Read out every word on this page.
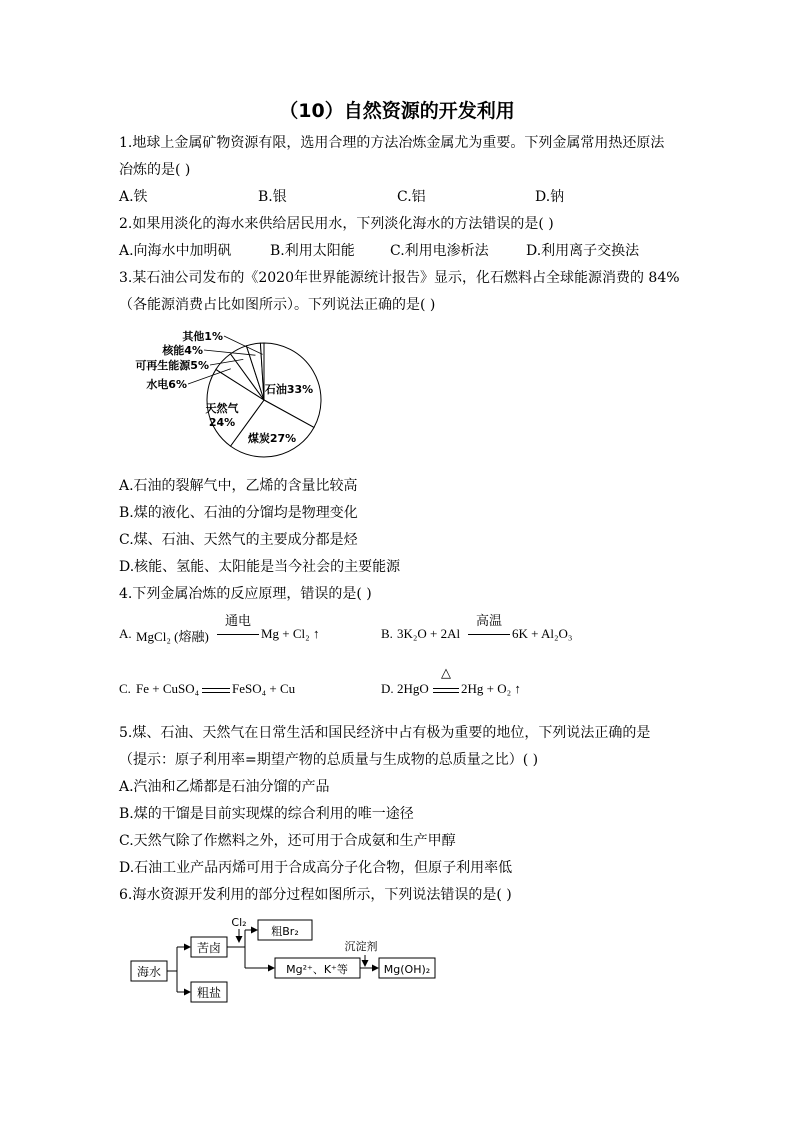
（10）自然资源的开发利用
1.地球上金属矿物资源有限，选用合理的方法冶炼金属尤为重要。下列金属常用热还原法
冶炼的是( )
A.铁	B.银	C.铝	D.钠
2.如果用淡化的海水来供给居民用水，下列淡化海水的方法错误的是( )
A.向海水中加明矾	B.利用太阳能	C.利用电渗析法	D.利用离子交换法
3.某石油公司发布的《2020年世界能源统计报告》显示，化石燃料占全球能源消费的 84%
（各能源消费占比如图所示）。下列说法正确的是( )
石油33%
煤炭27%
天然气
24%
水电6%
可再生能源5%
核能4%
其他1%
A.石油的裂解气中，乙烯的含量比较高
B.煤的液化、石油的分馏均是物理变化
C.煤、石油、天然气的主要成分都是烃
D.核能、氢能、太阳能是当今社会的主要能源
4.下列金属冶炼的反应原理，错误的是( )
A. MgCl₂ (熔融)
通电
Mg + Cl₂ ↑	B. 3K₂O + 2Al
高温
6K + Al₂O₃
C. Fe + CuSO₄	FeSO₄ + Cu	D. 2HgO
△
2Hg + O₂ ↑
5.煤、石油、天然气在日常生活和国民经济中占有极为重要的地位，下列说法正确的是
（提示：原子利用率=期望产物的总质量与生成物的总质量之比）( )
A.汽油和乙烯都是石油分馏的产品
B.煤的干馏是目前实现煤的综合利用的唯一途径
C.天然气除了作燃料之外，还可用于合成氨和生产甲醇
D.石油工业产品丙烯可用于合成高分子化合物，但原子利用率低
6.海水资源开发利用的部分过程如图所示，下列说法错误的是( )
海水
苦卤
粗盐
Cl₂
粗Br₂
Mg²⁺、K⁺等
沉淀剂
Mg(OH)₂
